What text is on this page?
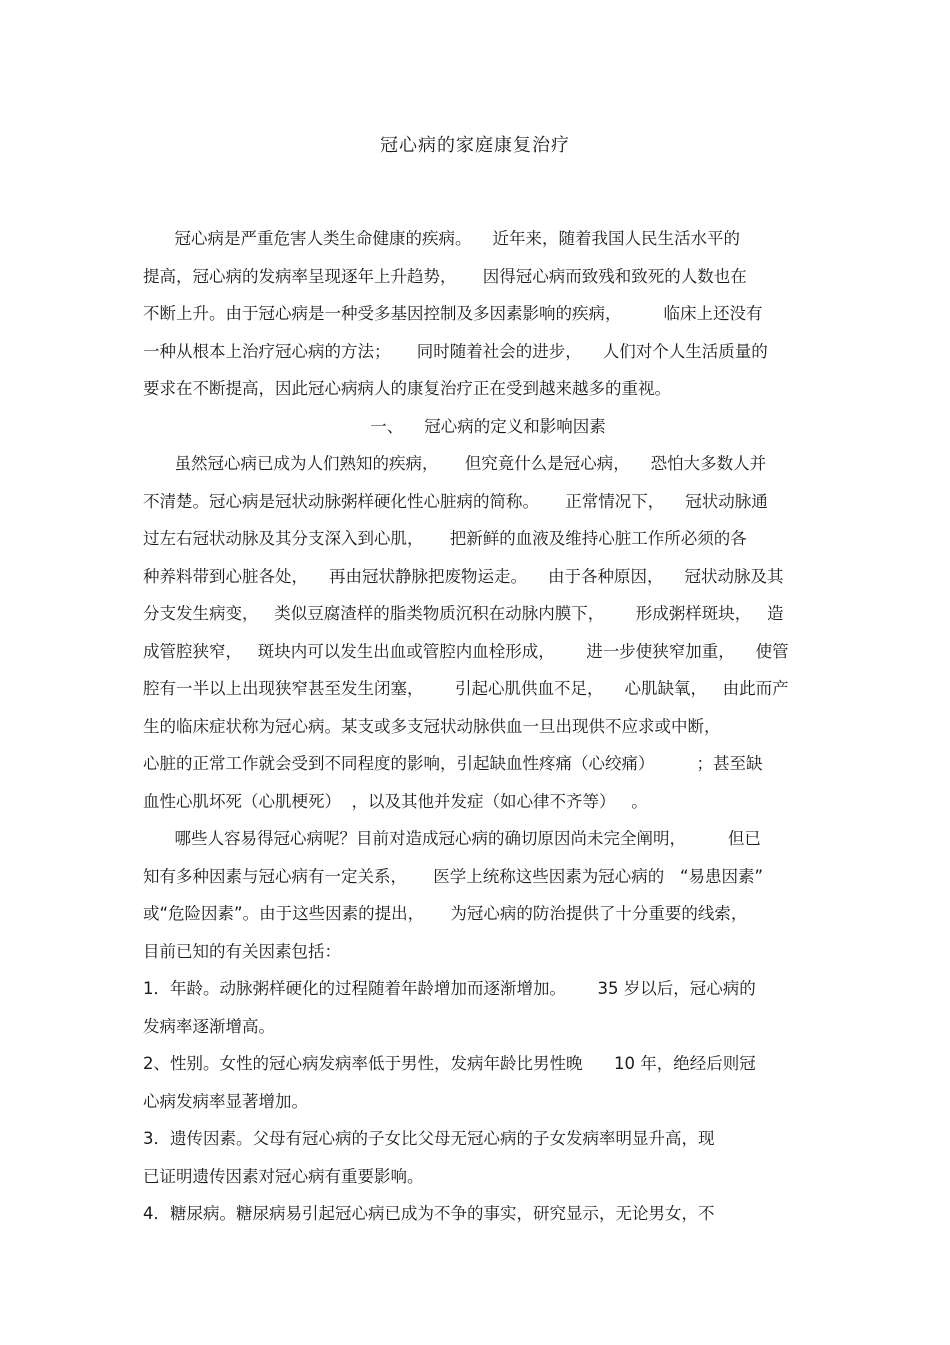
冠心病的家庭康复治疗
冠心病是严重危害人类生命健康的疾病。    近年来，随着我国人民生活水平的
提高，冠心病的发病率呈现逐年上升趋势，     因得冠心病而致残和致死的人数也在
不断上升。由于冠心病是一种受多基因控制及多因素影响的疾病，        临床上还没有
一种从根本上治疗冠心病的方法；     同时随着社会的进步，    人们对个人生活质量的
要求在不断提高，因此冠心病病人的康复治疗正在受到越来越多的重视。
一、    冠心病的定义和影响因素
虽然冠心病已成为人们熟知的疾病，     但究竟什么是冠心病，    恐怕大多数人并
不清楚。冠心病是冠状动脉粥样硬化性心脏病的简称。     正常情况下，    冠状动脉通
过左右冠状动脉及其分支深入到心肌，     把新鲜的血液及维持心脏工作所必须的各
种养料带到心脏各处，    再由冠状静脉把废物运走。    由于各种原因，    冠状动脉及其
分支发生病变，   类似豆腐渣样的脂类物质沉积在动脉内膜下，      形成粥样斑块，   造
成管腔狭窄，   斑块内可以发生出血或管腔内血栓形成，      进一步使狭窄加重，    使管
腔有一半以上出现狭窄甚至发生闭塞，      引起心肌供血不足，    心肌缺氧，   由此而产
生的临床症状称为冠心病。某支或多支冠状动脉供血一旦出现供不应求或中断，
心脏的正常工作就会受到不同程度的影响，引起缺血性疼痛（心绞痛）        ；甚至缺
血性心肌坏死（心肌梗死）  ，以及其他并发症（如心律不齐等）   。
哪些人容易得冠心病呢？目前对造成冠心病的确切原因尚未完全阐明，        但已
知有多种因素与冠心病有一定关系，     医学上统称这些因素为冠心病的   “易患因素”
或“危险因素”。由于这些因素的提出，     为冠心病的防治提供了十分重要的线索，
目前已知的有关因素包括：
1．年龄。动脉粥样硬化的过程随着年龄增加而逐渐增加。      35 岁以后，冠心病的
发病率逐渐增高。
2、性别。女性的冠心病发病率低于男性，发病年龄比男性晚      10 年，绝经后则冠
心病发病率显著增加。
3．遗传因素。父母有冠心病的子女比父母无冠心病的子女发病率明显升高，现
已证明遗传因素对冠心病有重要影响。
4．糖尿病。糖尿病易引起冠心病已成为不争的事实，研究显示，无论男女，不
